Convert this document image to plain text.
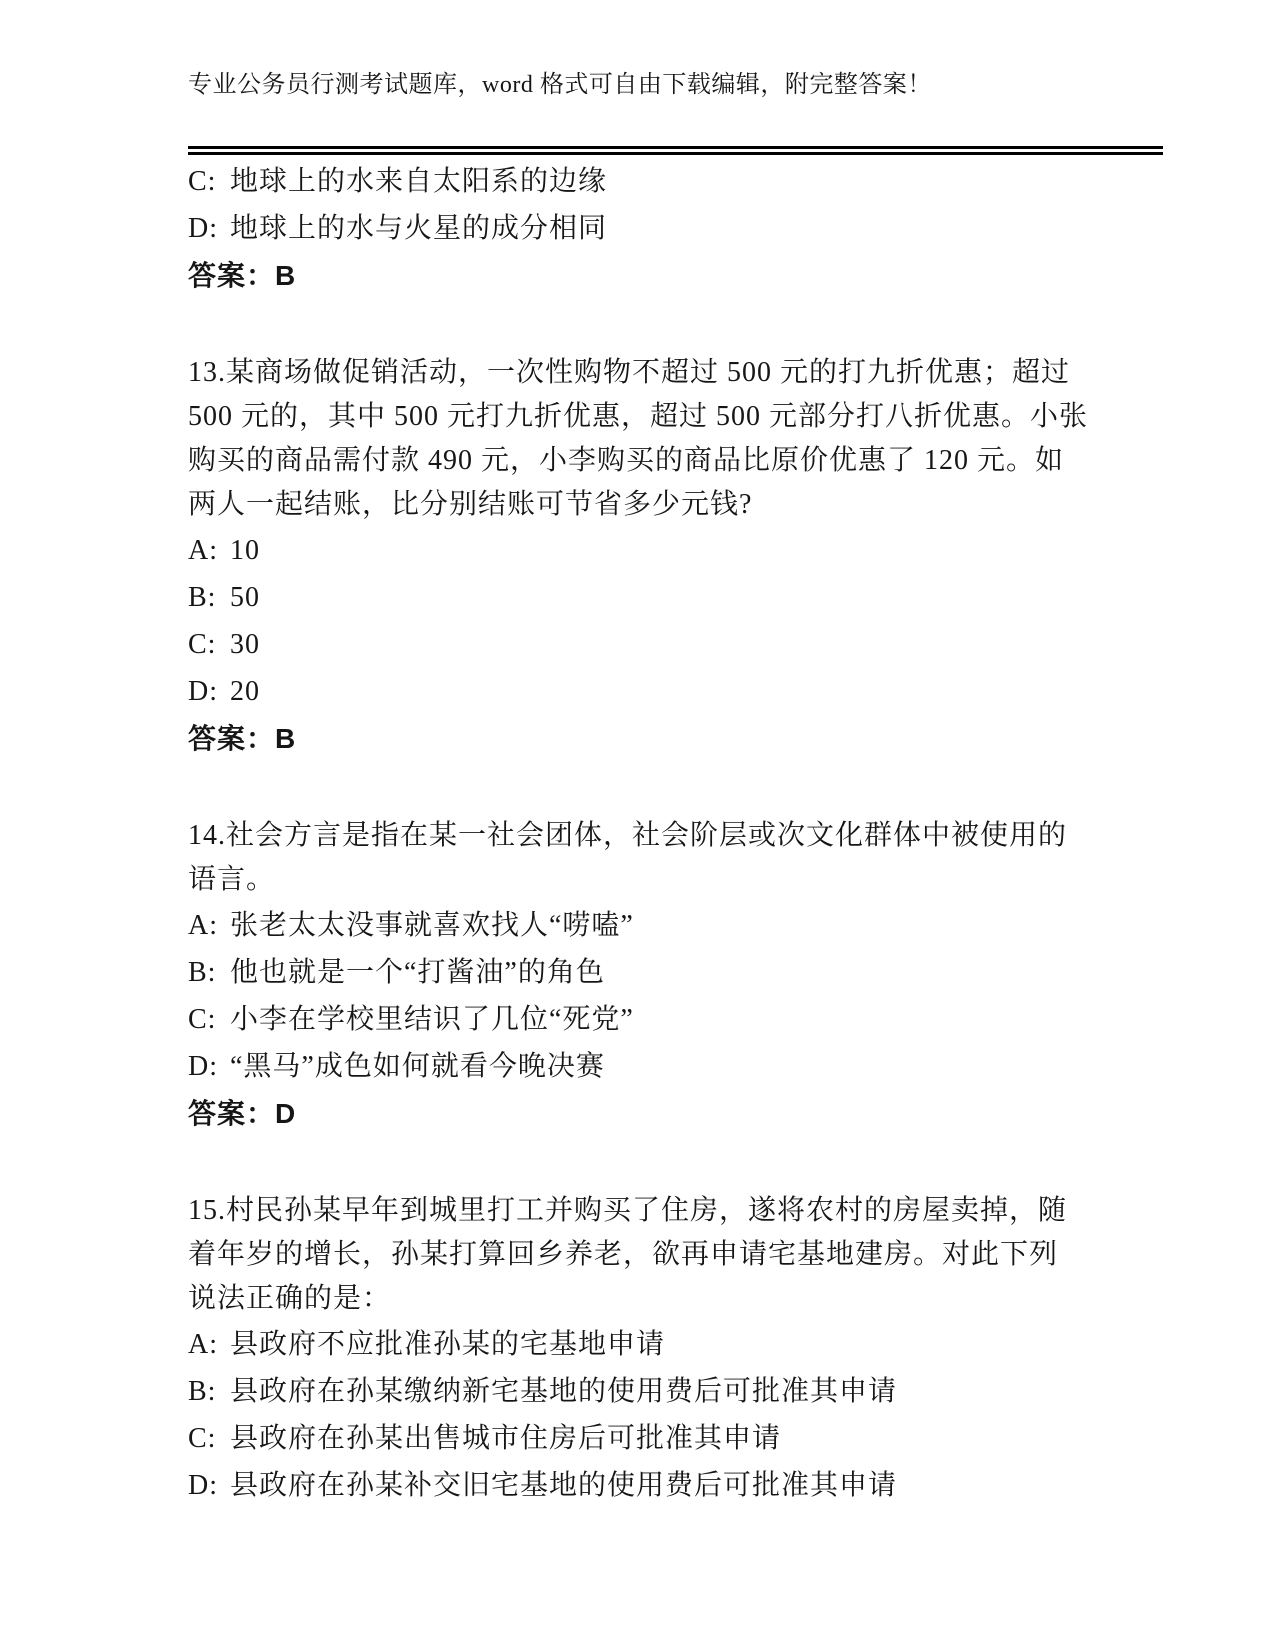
专业公务员行测考试题库，word 格式可自由下载编辑，附完整答案！
C: 地球上的水来自太阳系的边缘
D: 地球上的水与火星的成分相同
答案：B
13.某商场做促销活动，一次性购物不超过 500 元的打九折优惠；超过
500 元的，其中 500 元打九折优惠，超过 500 元部分打八折优惠。小张
购买的商品需付款 490 元，小李购买的商品比原价优惠了 120 元。如
两人一起结账，比分别结账可节省多少元钱?
A: 10
B: 50
C: 30
D: 20
答案：B
14.社会方言是指在某一社会团体，社会阶层或次文化群体中被使用的
语言。
A: 张老太太没事就喜欢找人“唠嗑”
B: 他也就是一个“打酱油”的角色
C: 小李在学校里结识了几位“死党”
D: “黑马”成色如何就看今晚决赛
答案：D
15.村民孙某早年到城里打工并购买了住房，遂将农村的房屋卖掉，随
着年岁的增长，孙某打算回乡养老，欲再申请宅基地建房。对此下列
说法正确的是：
A: 县政府不应批准孙某的宅基地申请
B: 县政府在孙某缴纳新宅基地的使用费后可批准其申请
C: 县政府在孙某出售城市住房后可批准其申请
D: 县政府在孙某补交旧宅基地的使用费后可批准其申请
